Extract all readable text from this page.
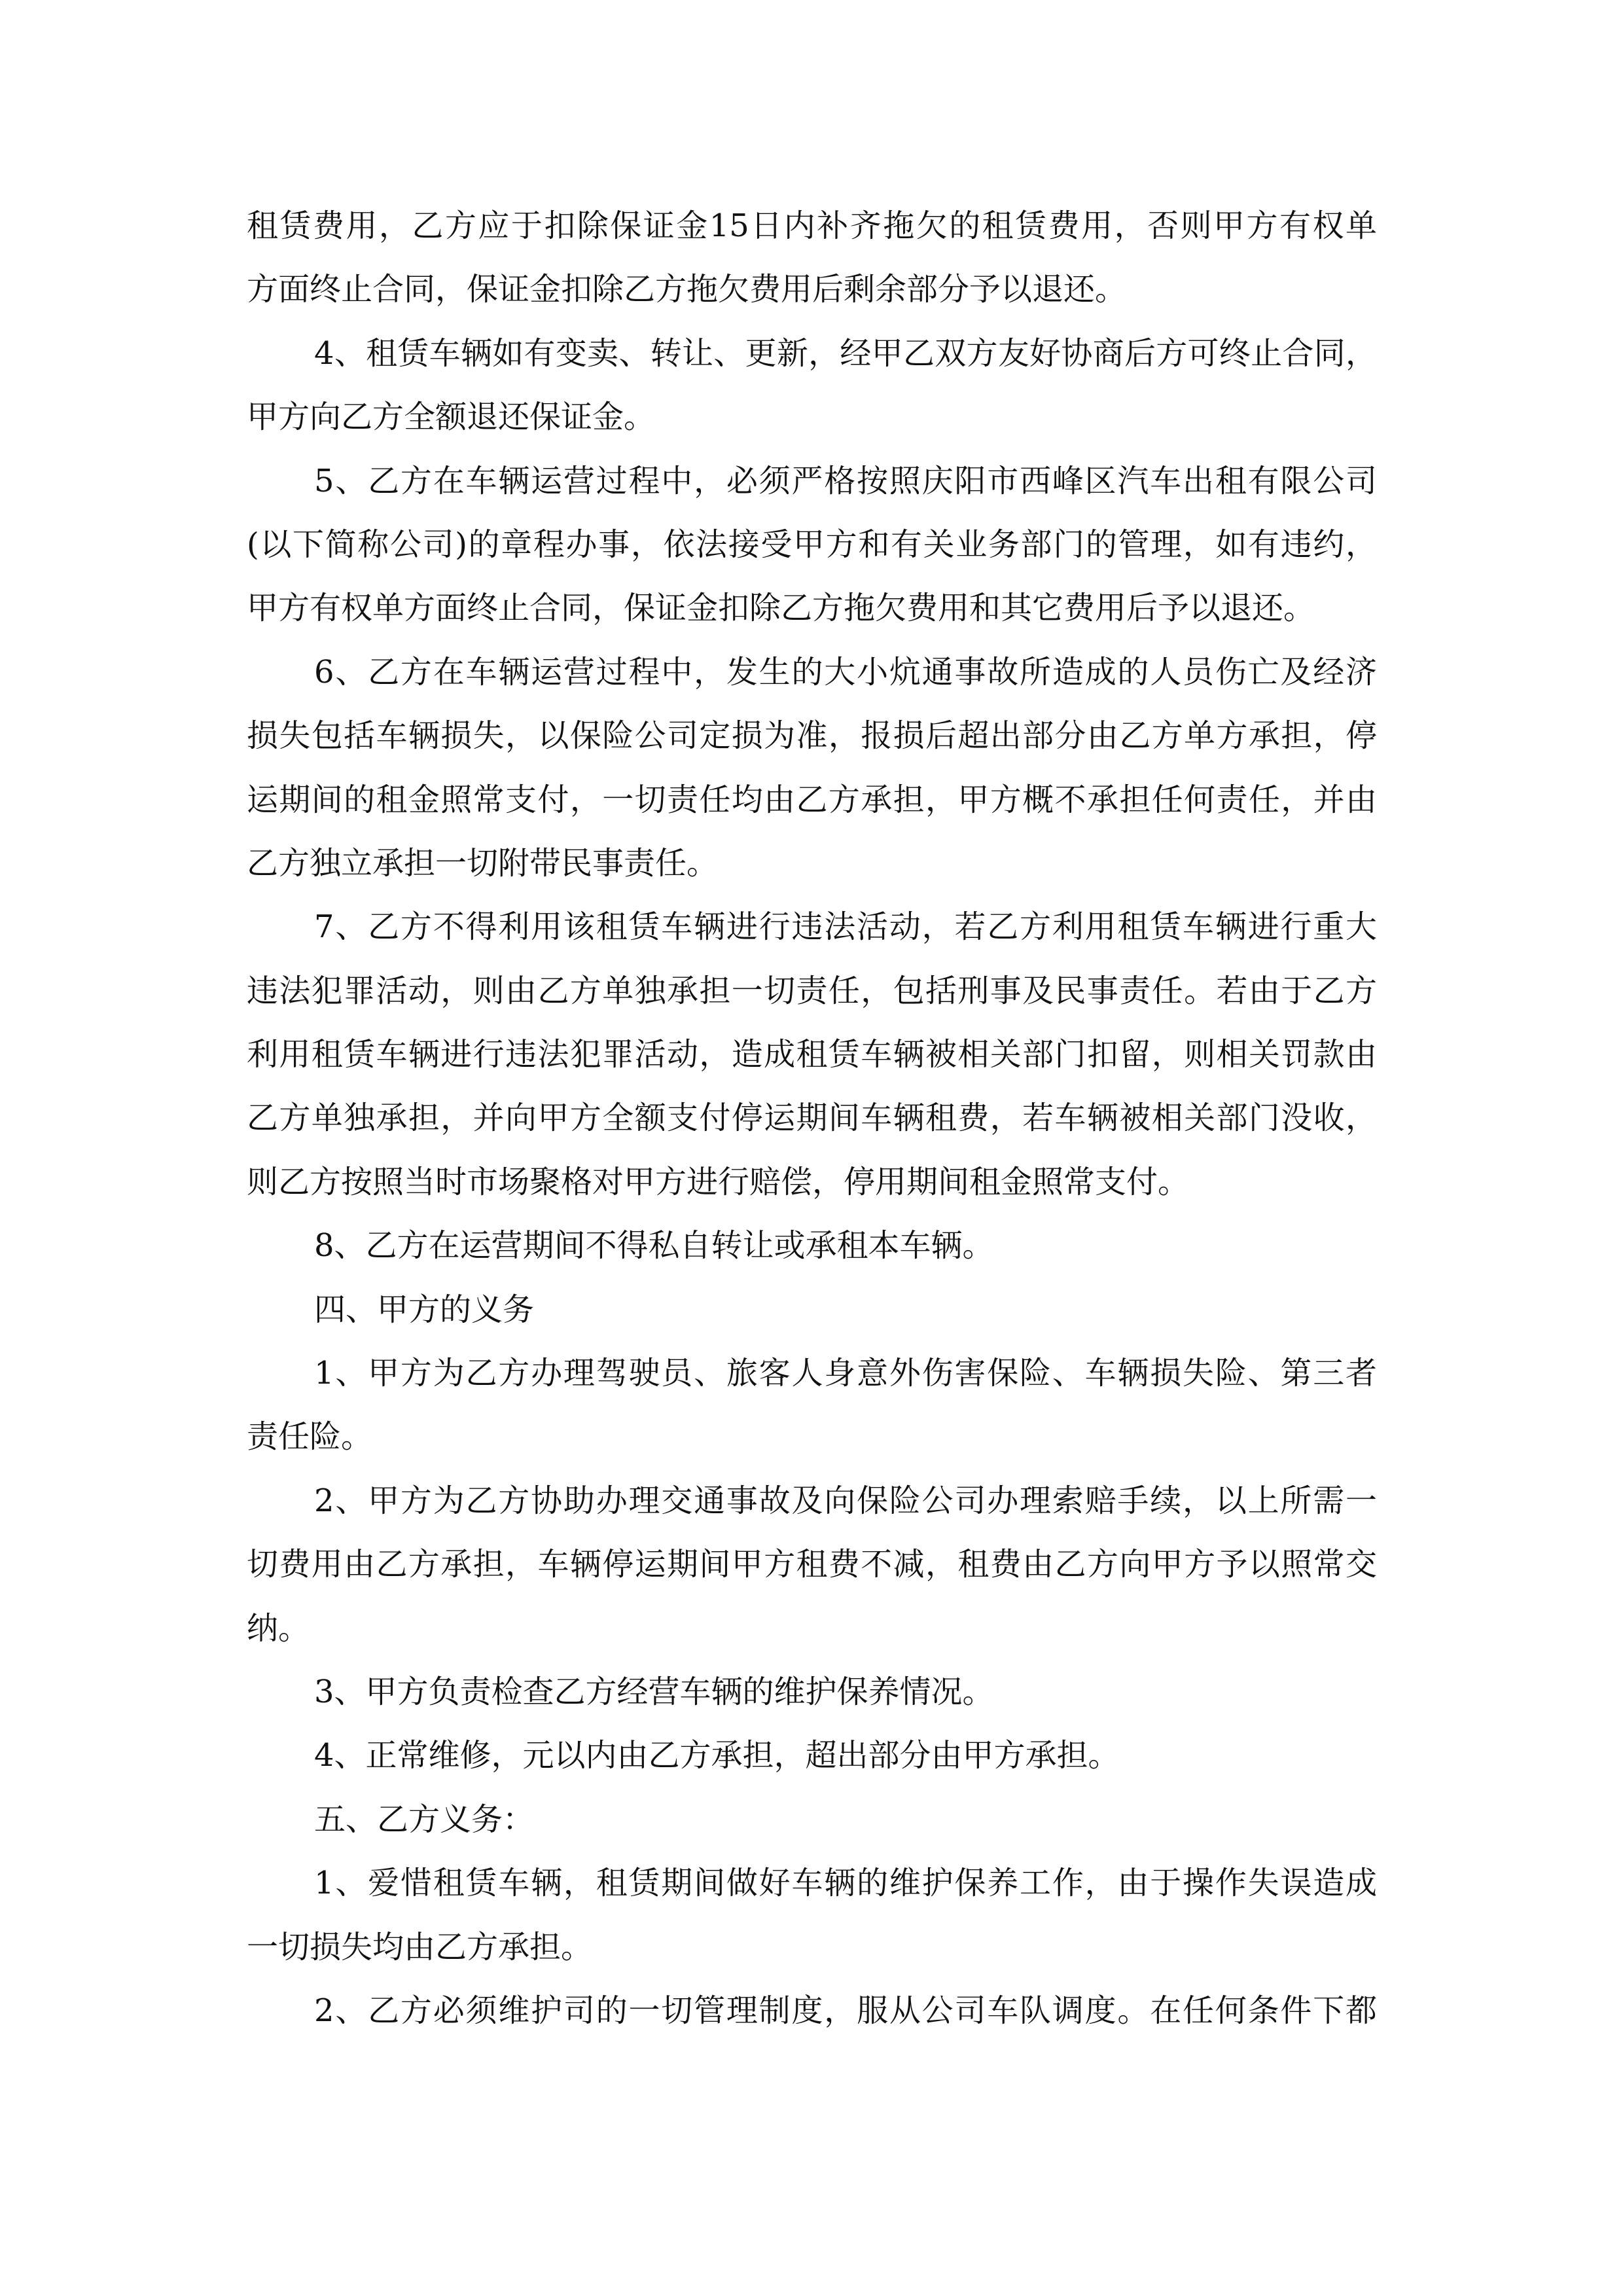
租赁费用，乙方应于扣除保证金15日内补齐拖欠的租赁费用，否则甲方有权单
方面终止合同，保证金扣除乙方拖欠费用后剩余部分予以退还。
4、租赁车辆如有变卖、转让、更新，经甲乙双方友好协商后方可终止合同，
甲方向乙方全额退还保证金。
5、乙方在车辆运营过程中，必须严格按照庆阳市西峰区汽车出租有限公司
(以下简称公司)的章程办事，依法接受甲方和有关业务部门的管理，如有违约，
甲方有权单方面终止合同，保证金扣除乙方拖欠费用和其它费用后予以退还。
6、乙方在车辆运营过程中，发生的大小炕通事故所造成的人员伤亡及经济
损失包括车辆损失，以保险公司定损为准，报损后超出部分由乙方单方承担，停
运期间的租金照常支付，一切责任均由乙方承担，甲方概不承担任何责任，并由
乙方独立承担一切附带民事责任。
7、乙方不得利用该租赁车辆进行违法活动，若乙方利用租赁车辆进行重大
违法犯罪活动，则由乙方单独承担一切责任，包括刑事及民事责任。若由于乙方
利用租赁车辆进行违法犯罪活动，造成租赁车辆被相关部门扣留，则相关罚款由
乙方单独承担，并向甲方全额支付停运期间车辆租费，若车辆被相关部门没收，
则乙方按照当时市场聚格对甲方进行赔偿，停用期间租金照常支付。
8、乙方在运营期间不得私自转让或承租本车辆。
四、甲方的义务
1、甲方为乙方办理驾驶员、旅客人身意外伤害保险、车辆损失险、第三者
责任险。
2、甲方为乙方协助办理交通事故及向保险公司办理索赔手续，以上所需一
切费用由乙方承担，车辆停运期间甲方租费不减，租费由乙方向甲方予以照常交
纳。
3、甲方负责检查乙方经营车辆的维护保养情况。
4、正常维修，元以内由乙方承担，超出部分由甲方承担。
五、乙方义务：
1、爱惜租赁车辆，租赁期间做好车辆的维护保养工作，由于操作失误造成
一切损失均由乙方承担。
2、乙方必须维护司的一切管理制度，服从公司车队调度。在任何条件下都
